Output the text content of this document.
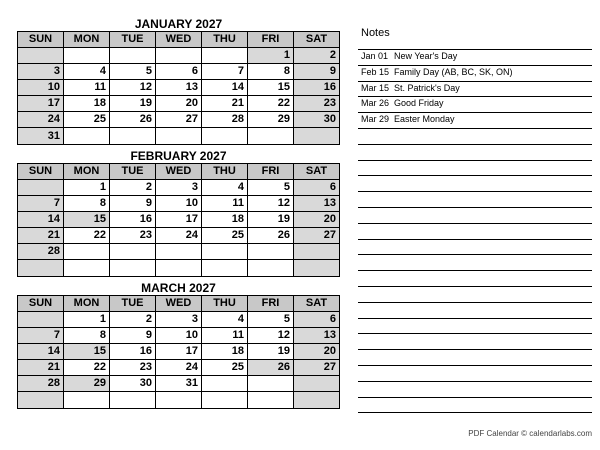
JANUARY 2027
SUN	MON	TUE	WED	THU	FRI	SAT
					1	2
3	4	5	6	7	8	9
10	11	12	13	14	15	16
17	18	19	20	21	22	23
24	25	26	27	28	29	30
31						
FEBRUARY 2027
SUN	MON	TUE	WED	THU	FRI	SAT
	1	2	3	4	5	6
7	8	9	10	11	12	13
14	15	16	17	18	19	20
21	22	23	24	25	26	27
28						

MARCH 2027
SUN	MON	TUE	WED	THU	FRI	SAT
	1	2	3	4	5	6
7	8	9	10	11	12	13
14	15	16	17	18	19	20
21	22	23	24	25	26	27
28	29	30	31			

Notes
Jan 01 New Year's Day
Feb 15 Family Day (AB, BC, SK, ON)
Mar 15 St. Patrick's Day
Mar 26 Good Friday
Mar 29 Easter Monday
PDF Calendar © calendarlabs.com
